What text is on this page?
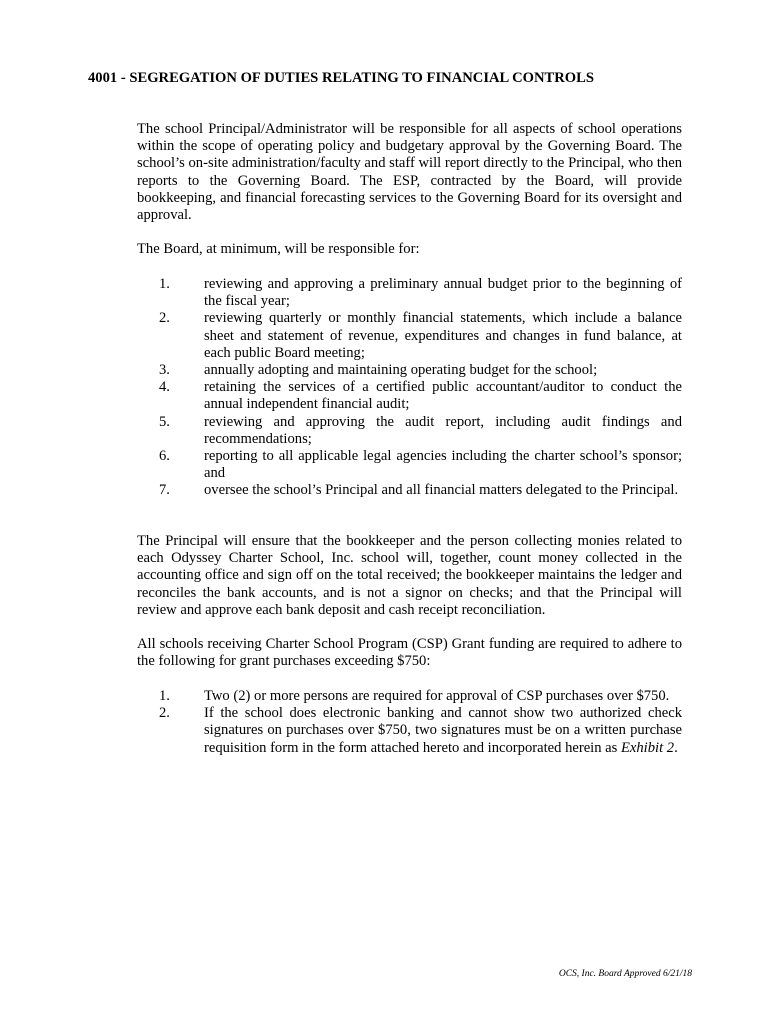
4001 - SEGREGATION OF DUTIES RELATING TO FINANCIAL CONTROLS

The school Principal/Administrator will be responsible for all aspects of school operations within the scope of operating policy and budgetary approval by the Governing Board. The school’s on-site administration/faculty and staff will report directly to the Principal, who then reports to the Governing Board. The ESP, contracted by the Board, will provide bookkeeping, and financial forecasting services to the Governing Board for its oversight and approval.

The Board, at minimum, will be responsible for:

1. reviewing and approving a preliminary annual budget prior to the beginning of the fiscal year;
2. reviewing quarterly or monthly financial statements, which include a balance sheet and statement of revenue, expenditures and changes in fund balance, at each public Board meeting;
3. annually adopting and maintaining operating budget for the school;
4. retaining the services of a certified public accountant/auditor to conduct the annual independent financial audit;
5. reviewing and approving the audit report, including audit findings and recommendations;
6. reporting to all applicable legal agencies including the charter school’s sponsor; and
7. oversee the school’s Principal and all financial matters delegated to the Principal.

The Principal will ensure that the bookkeeper and the person collecting monies related to each Odyssey Charter School, Inc. school will, together, count money collected in the accounting office and sign off on the total received; the bookkeeper maintains the ledger and reconciles the bank accounts, and is not a signor on checks; and that the Principal will review and approve each bank deposit and cash receipt reconciliation.

All schools receiving Charter School Program (CSP) Grant funding are required to adhere to the following for grant purchases exceeding $750:

1. Two (2) or more persons are required for approval of CSP purchases over $750.
2. If the school does electronic banking and cannot show two authorized check signatures on purchases over $750, two signatures must be on a written purchase requisition form in the form attached hereto and incorporated herein as Exhibit 2.
OCS, Inc. Board Approved 6/21/18
